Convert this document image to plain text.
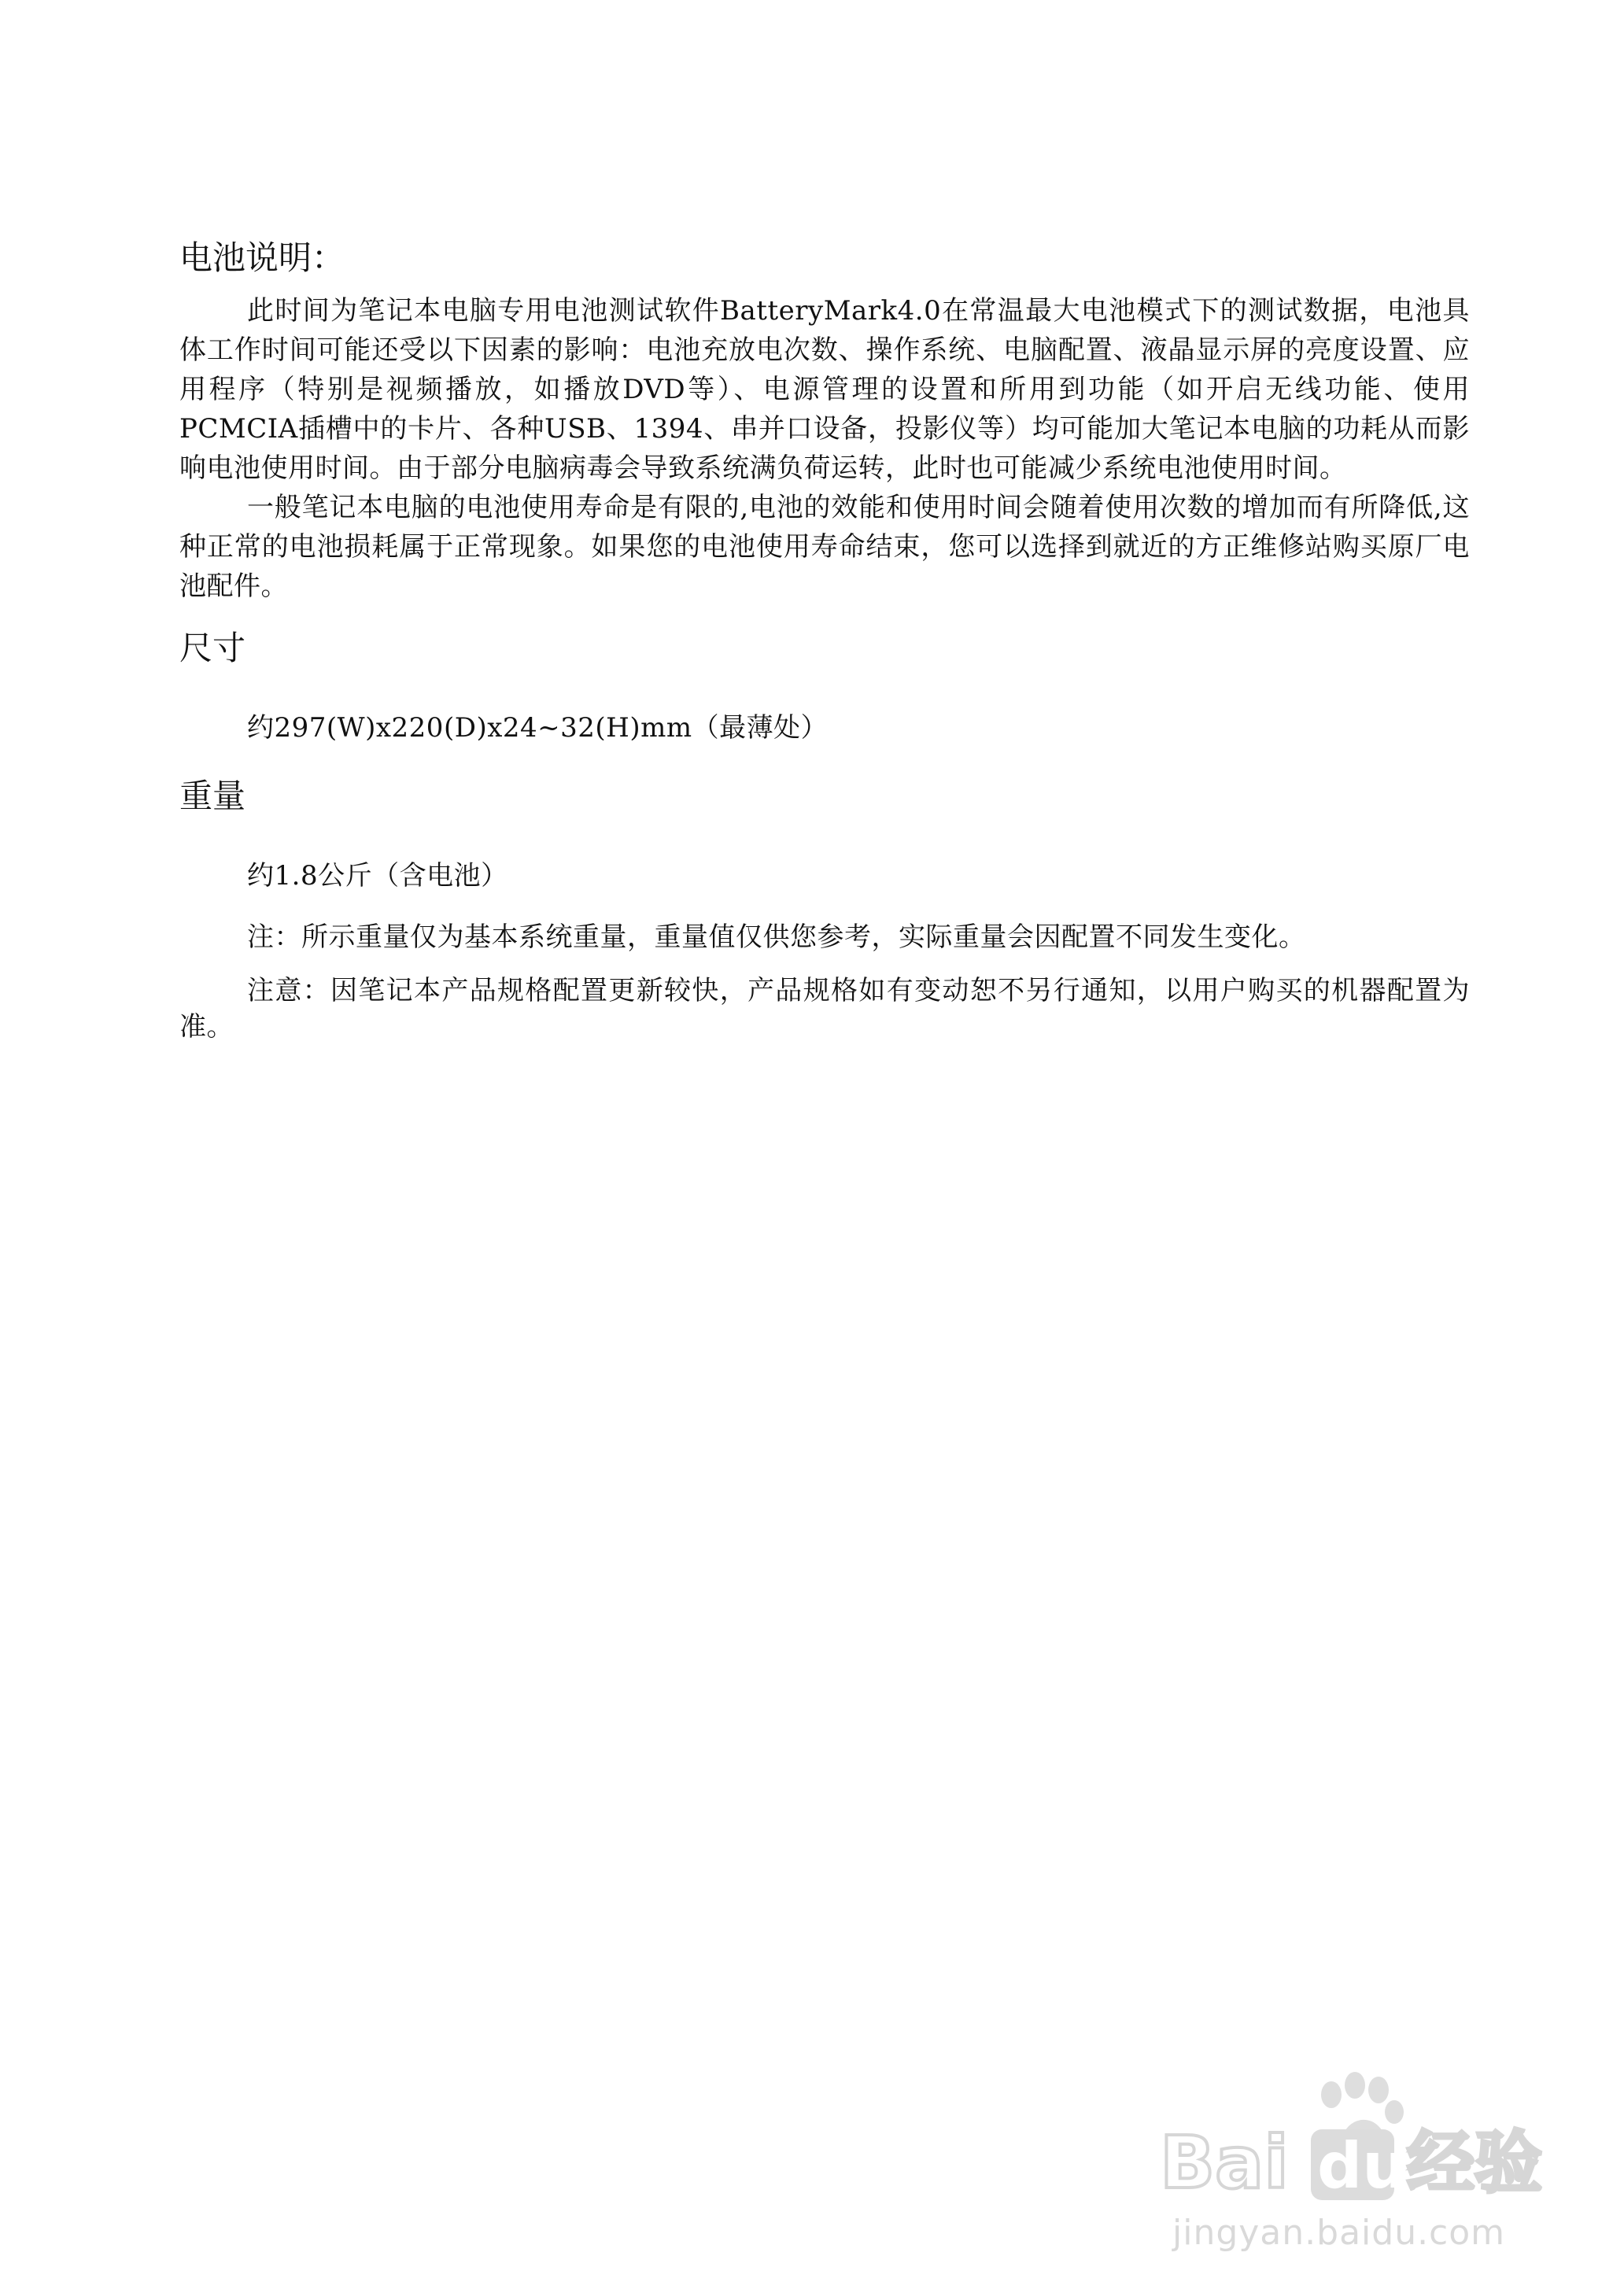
电池说明：

此时间为笔记本电脑专用电池测试软件BatteryMark4.0在常温最大电池模式下的测试数据，电池具体工作时间可能还受以下因素的影响：电池充放电次数、操作系统、电脑配置、液晶显示屏的亮度设置、应用程序（特别是视频播放，如播放DVD等）、电源管理的设置和所用到功能（如开启无线功能、使用PCMCIA插槽中的卡片、各种USB、1394、串并口设备，投影仪等）均可能加大笔记本电脑的功耗从而影响电池使用时间。由于部分电脑病毒会导致系统满负荷运转，此时也可能减少系统电池使用时间。

一般笔记本电脑的电池使用寿命是有限的,电池的效能和使用时间会随着使用次数的增加而有所降低,这种正常的电池损耗属于正常现象。如果您的电池使用寿命结束，您可以选择到就近的方正维修站购买原厂电池配件。

尺寸

约297(W)x220(D)x24~32(H)mm（最薄处）

重量

约1.8公斤（含电池）

注：所示重量仅为基本系统重量，重量值仅供您参考，实际重量会因配置不同发生变化。

注意：因笔记本产品规格配置更新较快，产品规格如有变动恕不另行通知，以用户购买的机器配置为准。

Bai du 经验
jingyan.baidu.com
